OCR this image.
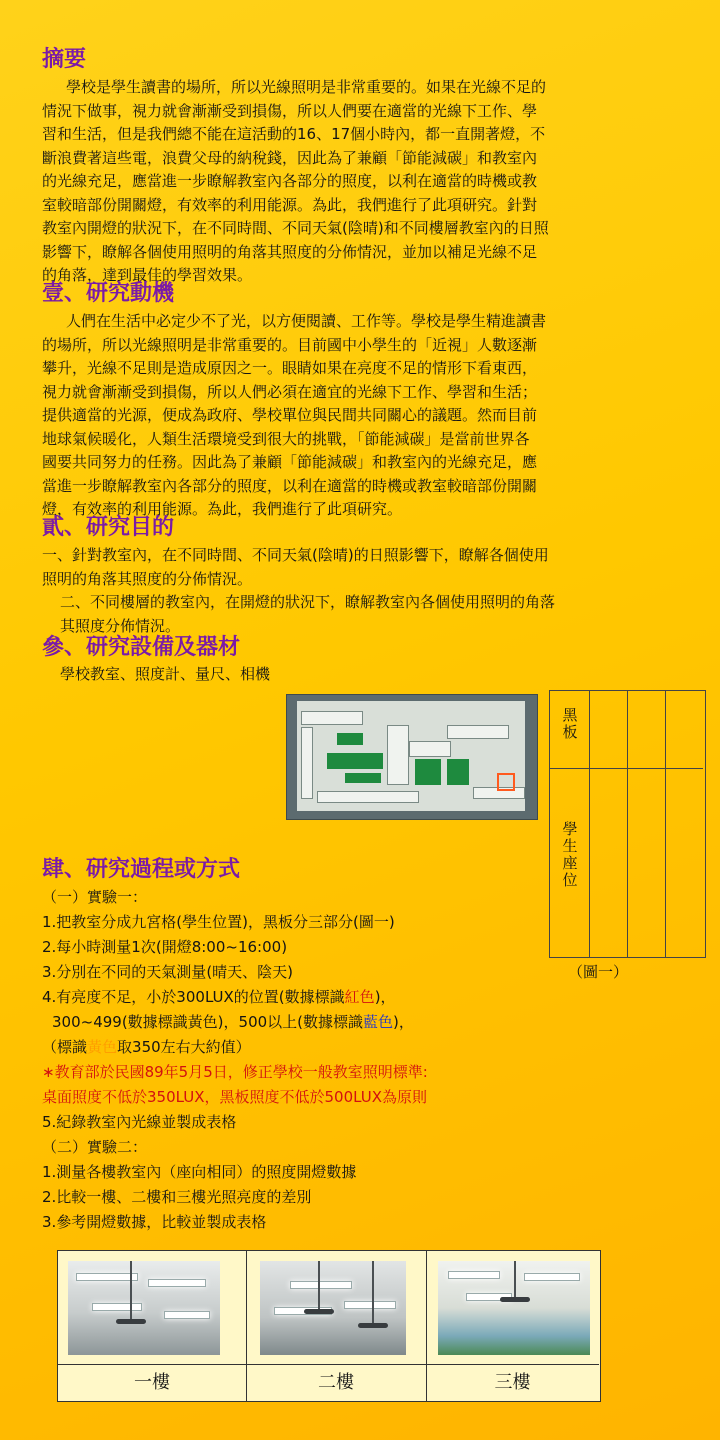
摘要
學校是學生讀書的場所，所以光線照明是非常重要的。如果在光線不足的
情況下做事，視力就會漸漸受到損傷，所以人們要在適當的光線下工作、學
習和生活，但是我們總不能在這活動的16、17個小時內，都一直開著燈，不
斷浪費著這些電，浪費父母的納稅錢，因此為了兼顧「節能減碳」和教室內
的光線充足，應當進一步瞭解教室內各部分的照度，以利在適當的時機或教
室較暗部份開關燈，有效率的利用能源。為此，我們進行了此項研究。針對
教室內開燈的狀況下，在不同時間、不同天氣(陰晴)和不同樓層教室內的日照
影響下，瞭解各個使用照明的角落其照度的分佈情況，並加以補足光線不足
的角落，達到最佳的學習效果。
壹、研究動機
人們在生活中必定少不了光，以方便閱讀、工作等。學校是學生精進讀書
的場所，所以光線照明是非常重要的。目前國中小學生的「近視」人數逐漸
攀升，光線不足則是造成原因之一。眼睛如果在亮度不足的情形下看東西，
視力就會漸漸受到損傷，所以人們必須在適宜的光線下工作、學習和生活；
提供適當的光源，便成為政府、學校單位與民間共同關心的議題。然而目前
地球氣候暖化，人類生活環境受到很大的挑戰，「節能減碳」是當前世界各
國要共同努力的任務。因此為了兼顧「節能減碳」和教室內的光線充足，應
當進一步瞭解教室內各部分的照度，以利在適當的時機或教室較暗部份開關
燈，有效率的利用能源。為此，我們進行了此項研究。
貳、研究目的
一、針對教室內，在不同時間、不同天氣(陰晴)的日照影響下，瞭解各個使用
照明的角落其照度的分佈情況。
二、不同樓層的教室內，在開燈的狀況下，瞭解教室內各個使用照明的角落
其照度分佈情況。
參、研究設備及器材
學校教室、照度計、量尺、相機
黑板
學生座位
（圖一）
肆、研究過程或方式
（一）實驗一：
1.把教室分成九宮格(學生位置)，黑板分三部分(圖一)
2.每小時測量1次(開燈8:00~16:00)
3.分別在不同的天氣測量(晴天、陰天)
4.有亮度不足，小於300LUX的位置(數據標識紅色)，
300~499(數據標識黃色)，500以上(數據標識藍色)，
（標識黃色取350左右大約值）
∗教育部於民國89年5月5日，修正學校一般教室照明標準:
桌面照度不低於350LUX，黑板照度不低於500LUX為原則
5.紀錄教室內光線並製成表格
（二）實驗二：
1.測量各樓教室內（座向相同）的照度開燈數據
2.比較一樓、二樓和三樓光照亮度的差別
3.參考開燈數據，比較並製成表格
一樓	二樓	三樓
